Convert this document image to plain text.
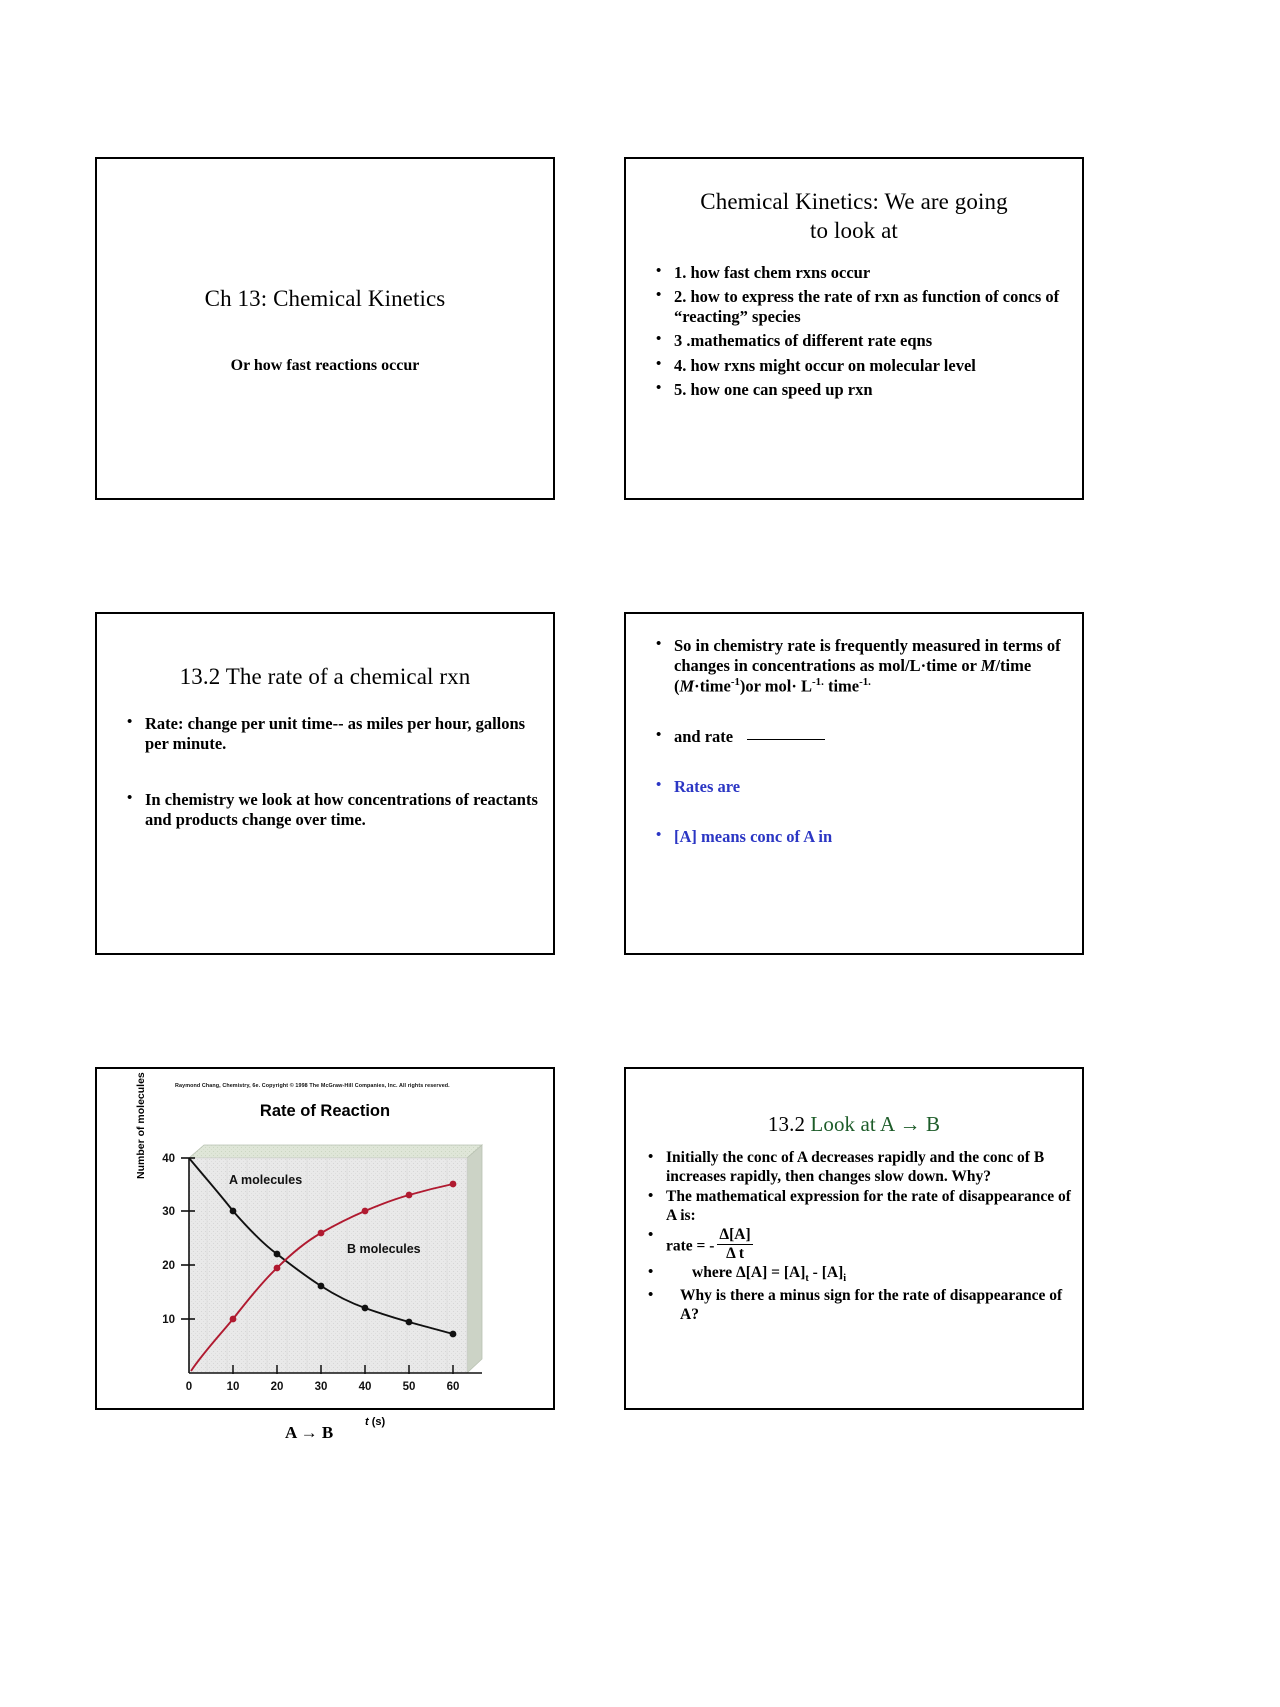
Ch 13: Chemical Kinetics
Or how fast reactions occur
Chemical Kinetics: We are going
to look at
• 1. how fast chem rxns occur
• 2. how to express the rate of rxn as function of concs of “reacting” species
• 3 .mathematics of different rate eqns
• 4. how rxns might occur on molecular level
• 5. how one can speed up rxn
13.2 The rate of a chemical rxn
• Rate: change per unit time-- as miles per hour, gallons per minute.
• In chemistry we look at how concentrations of reactants and products change over time.
• So in chemistry rate is frequently measured in terms of changes in concentrations as mol/L·time or M/time (M·time$^{-1}$)or $mol\cdot L^{-1.}$ time$^{-1.}$
• and rate
• Rates are
• [A] means conc of A in
Raymond Chang, Chemistry, 6e. Copyright © 1998 The McGraw-Hill Companies, Inc. All rights reserved.
Rate of Reaction
Number of molecules 40
30
20
10
0	10	20	30	40	50	60
A molecules
B molecules
A → B
t (s)
13.2 Look at A → B
• Initially the conc of A decreases rapidly and the conc of B increases rapidly, then changes slow down. Why?
• The mathematical expression for the rate of disappearance of A is:
• rate = - $\frac{\Delta[A]}{\text{Δ t}}$
• where $\Delta[A] = [A]_t - [A]_i$
• Why is there a minus sign for the rate of disappearance of A?
